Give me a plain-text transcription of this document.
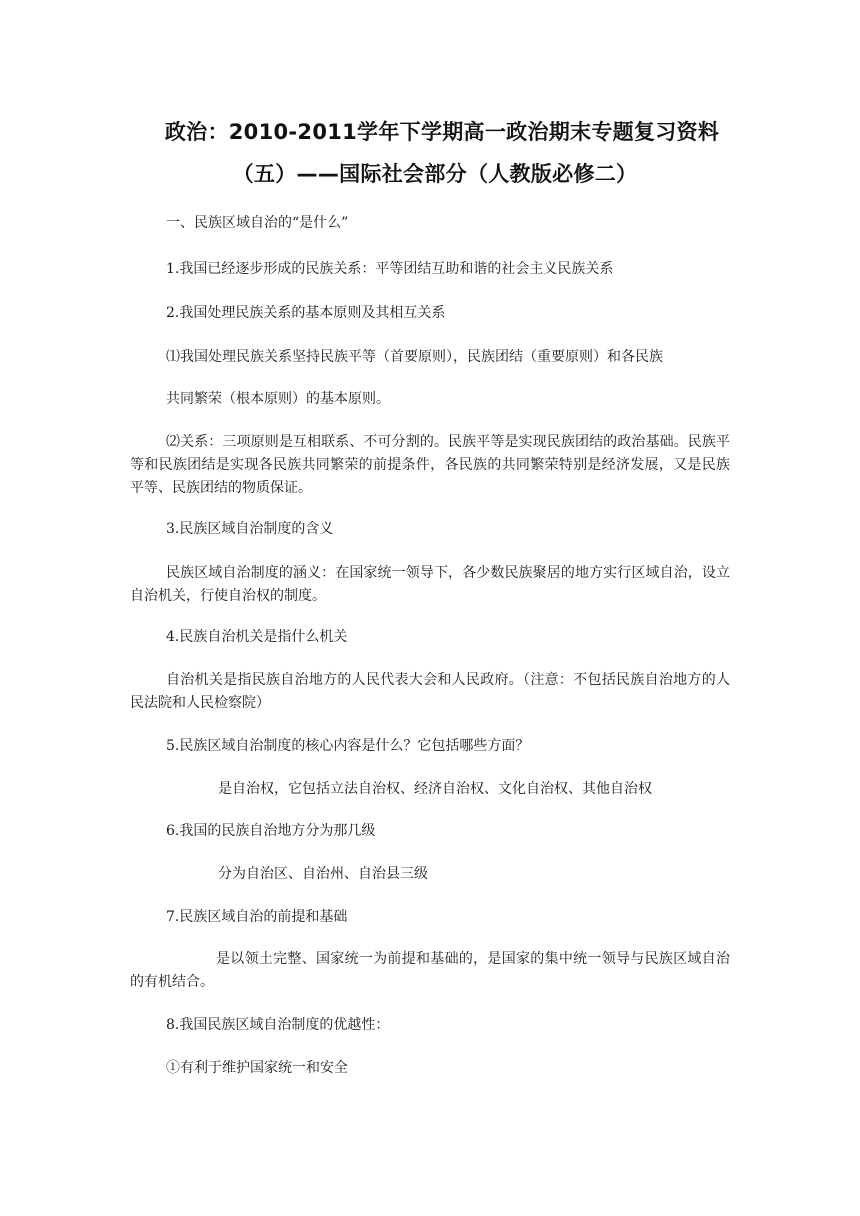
政治：2010-2011学年下学期高一政治期末专题复习资料
（五）——国际社会部分（人教版必修二）
一、民族区域自治的“是什么”
1.我国已经逐步形成的民族关系：平等团结互助和谐的社会主义民族关系
2.我国处理民族关系的基本原则及其相互关系
⑴我国处理民族关系坚持民族平等（首要原则），民族团结（重要原则）和各民族
共同繁荣（根本原则）的基本原则。
⑵关系：三项原则是互相联系、不可分割的。民族平等是实现民族团结的政治基础。民族平等和民族团结是实现各民族共同繁荣的前提条件，各民族的共同繁荣特别是经济发展，又是民族平等、民族团结的物质保证。
3.民族区域自治制度的含义
民族区域自治制度的涵义：在国家统一领导下，各少数民族聚居的地方实行区域自治，设立自治机关，行使自治权的制度。
4.民族自治机关是指什么机关
自治机关是指民族自治地方的人民代表大会和人民政府。（注意：不包括民族自治地方的人民法院和人民检察院）
5.民族区域自治制度的核心内容是什么？它包括哪些方面？
是自治权，它包括立法自治权、经济自治权、文化自治权、其他自治权
6.我国的民族自治地方分为那几级
分为自治区、自治州、自治县三级
7.民族区域自治的前提和基础
是以领土完整、国家统一为前提和基础的，是国家的集中统一领导与民族区域自治的有机结合。
8.我国民族区域自治制度的优越性：
①有利于维护国家统一和安全
